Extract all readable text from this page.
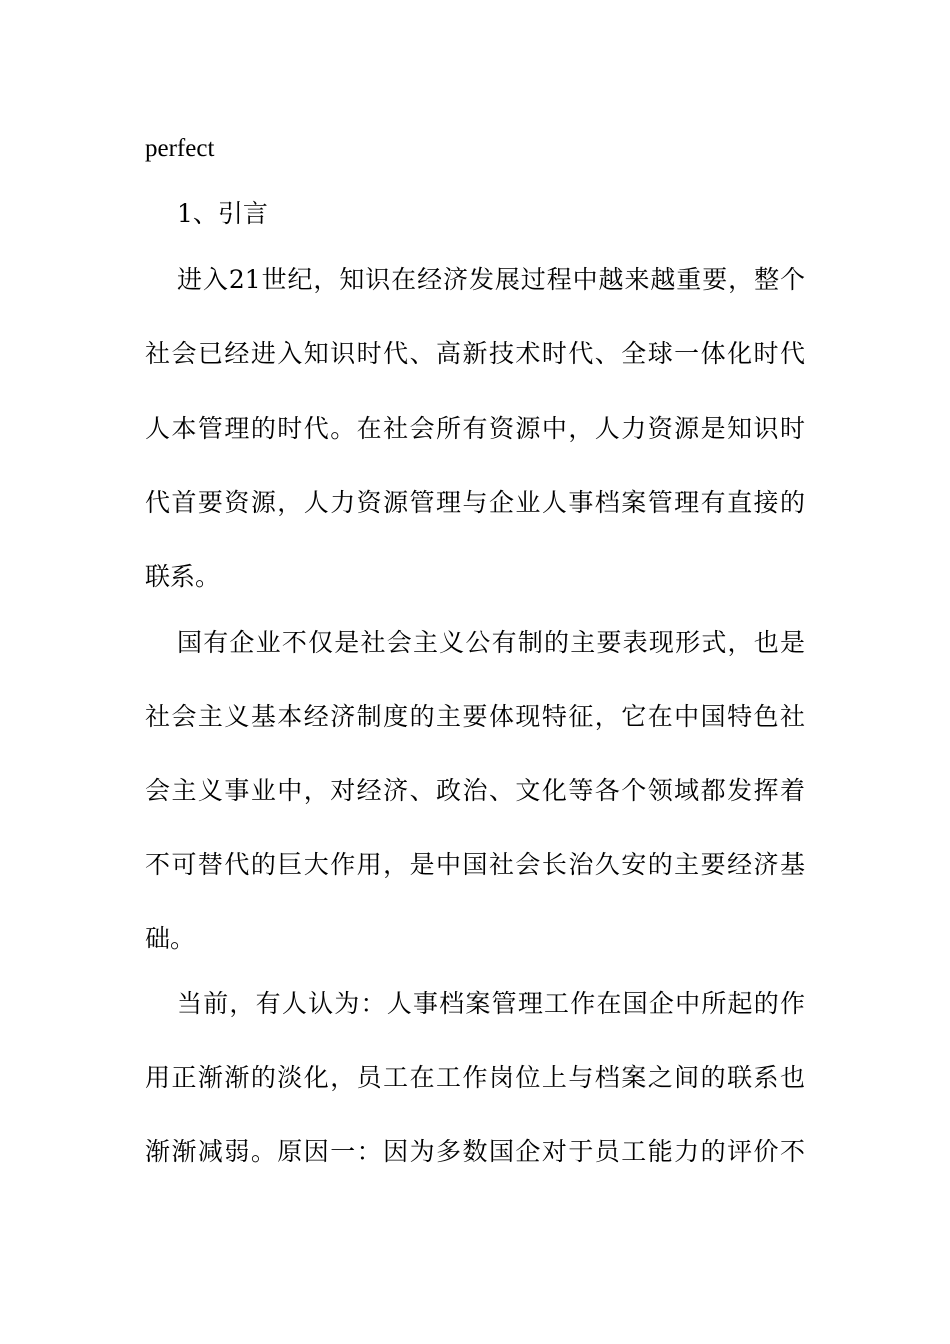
perfect
1、引言
进入21世纪，知识在经济发展过程中越来越重要，整个
社会已经进入知识时代、高新技术时代、全球一体化时代
人本管理的时代。在社会所有资源中，人力资源是知识时
代首要资源，人力资源管理与企业人事档案管理有直接的
联系。
国有企业不仅是社会主义公有制的主要表现形式，也是
社会主义基本经济制度的主要体现特征，它在中国特色社
会主义事业中，对经济、政治、文化等各个领域都发挥着
不可替代的巨大作用，是中国社会长治久安的主要经济基
础。
当前，有人认为：人事档案管理工作在国企中所起的作
用正渐渐的淡化，员工在工作岗位上与档案之间的联系也
渐渐减弱。原因一：因为多数国企对于员工能力的评价不
